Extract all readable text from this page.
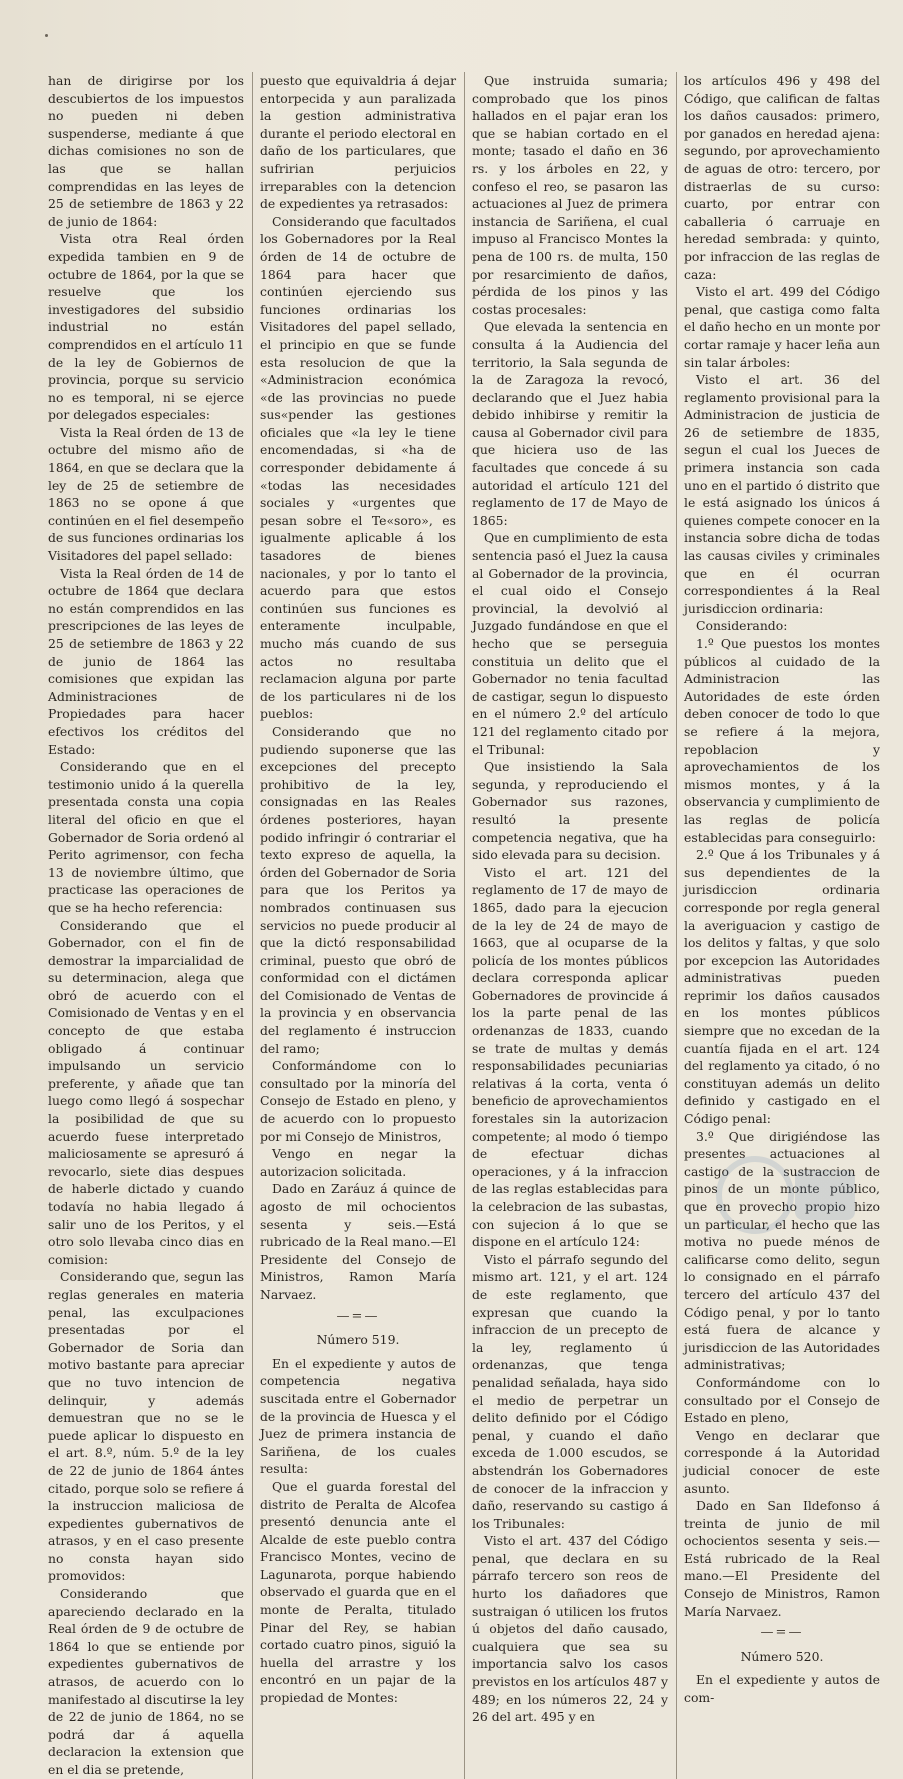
han de dirigirse por los descubiertos de los impuestos no pueden ni deben suspenderse, mediante á que dichas comisiones no son de las que se hallan comprendidas en las leyes de 25 de setiembre de 1863 y 22 de junio de 1864:

Vista otra Real órden expedida tambien en 9 de octubre de 1864, por la que se resuelve que los investigadores del subsidio industrial no están comprendidos en el artículo 11 de la ley de Gobiernos de provincia, porque su servicio no es temporal, ni se ejerce por delegados especiales:

Vista la Real órden de 13 de octubre del mismo año de 1864, en que se declara que la ley de 25 de setiembre de 1863 no se opone á que continúen en el fiel desempeño de sus funciones ordinarias los Visitadores del papel sellado:

Vista la Real órden de 14 de octubre de 1864 que declara no están comprendidos en las prescripciones de las leyes de 25 de setiembre de 1863 y 22 de junio de 1864 las comisiones que expidan las Administraciones de Propiedades para hacer efectivos los créditos del Estado:

Considerando que en el testimonio unido á la querella presentada consta una copia literal del oficio en que el Gobernador de Soria ordenó al Perito agrimensor, con fecha 13 de noviembre último, que practicase las operaciones de que se ha hecho referencia:

Considerando que el Gobernador, con el fin de demostrar la imparcialidad de su determinacion, alega que obró de acuerdo con el Comisionado de Ventas y en el concepto de que estaba obligado á continuar impulsando un servicio preferente, y añade que tan luego como llegó á sospechar la posibilidad de que su acuerdo fuese interpretado maliciosamente se apresuró á revocarlo, siete dias despues de haberle dictado y cuando todavía no habia llegado á salir uno de los Peritos, y el otro solo llevaba cinco dias en comision:

Considerando que, segun las reglas generales en materia penal, las exculpaciones presentadas por el Gobernador de Soria dan motivo bastante para apreciar que no tuvo intencion de delinquir, y además demuestran que no se le puede aplicar lo dispuesto en el art. 8.º, núm. 5.º de la ley de 22 de junio de 1864 ántes citado, porque solo se refiere á la instruccion maliciosa de expedientes gubernativos de atrasos, y en el caso presente no consta hayan sido promovidos:

Considerando que apareciendo declarado en la Real órden de 9 de octubre de 1864 lo que se entiende por expedientes gubernativos de atrasos, de acuerdo con lo manifestado al discutirse la ley de 22 de junio de 1864, no se podrá dar á aquella declaracion la extension que en el dia se pretende,

puesto que equivaldria á dejar entorpecida y aun paralizada la gestion administrativa durante el periodo electoral en daño de los particulares, que sufririan perjuicios irreparables con la detencion de expedientes ya retrasados:

Considerando que facultados los Gobernadores por la Real órden de 14 de octubre de 1864 para hacer que continúen ejerciendo sus funciones ordinarias los Visitadores del papel sellado, el principio en que se funde esta resolucion de que la «Administracion económica «de las provincias no puede sus«pender las gestiones oficiales que «la ley le tiene encomendadas, si «ha de corresponder debidamente á «todas las necesidades sociales y «urgentes que pesan sobre el Te«soro», es igualmente aplicable á los tasadores de bienes nacionales, y por lo tanto el acuerdo para que estos continúen sus funciones es enteramente inculpable, mucho más cuando de sus actos no resultaba reclamacion alguna por parte de los particulares ni de los pueblos:

Considerando que no pudiendo suponerse que las excepciones del precepto prohibitivo de la ley, consignadas en las Reales órdenes posteriores, hayan podido infringir ó contrariar el texto expreso de aquella, la órden del Gobernador de Soria para que los Peritos ya nombrados continuasen sus servicios no puede producir al que la dictó responsabilidad criminal, puesto que obró de conformidad con el dictámen del Comisionado de Ventas de la provincia y en observancia del reglamento é instruccion del ramo;

Conformándome con lo consultado por la minoría del Consejo de Estado en pleno, y de acuerdo con lo propuesto por mi Consejo de Ministros,

Vengo en negar la autorizacion solicitada.

Dado en Zaráuz á quince de agosto de mil ochocientos sesenta y seis.—Está rubricado de la Real mano.—El Presidente del Consejo de Ministros, Ramon María Narvaez.

—=—

Número 519.

En el expediente y autos de competencia negativa suscitada entre el Gobernador de la provincia de Huesca y el Juez de primera instancia de Sariñena, de los cuales resulta:

Que el guarda forestal del distrito de Peralta de Alcofea presentó denuncia ante el Alcalde de este pueblo contra Francisco Montes, vecino de Lagunarota, porque habiendo observado el guarda que en el monte de Peralta, titulado Pinar del Rey, se habian cortado cuatro pinos, siguió la huella del arrastre y los encontró en un pajar de la propiedad de Montes:

Que instruida sumaria; comprobado que los pinos hallados en el pajar eran los que se habian cortado en el monte; tasado el daño en 36 rs. y los árboles en 22, y confeso el reo, se pasaron las actuaciones al Juez de primera instancia de Sariñena, el cual impuso al Francisco Montes la pena de 100 rs. de multa, 150 por resarcimiento de daños, pérdida de los pinos y las costas procesales:

Que elevada la sentencia en consulta á la Audiencia del territorio, la Sala segunda de la de Zaragoza la revocó, declarando que el Juez habia debido inhibirse y remitir la causa al Gobernador civil para que hiciera uso de las facultades que concede á su autoridad el artículo 121 del reglamento de 17 de Mayo de 1865:

Que en cumplimiento de esta sentencia pasó el Juez la causa al Gobernador de la provincia, el cual oido el Consejo provincial, la devolvió al Juzgado fundándose en que el hecho que se perseguia constituia un delito que el Gobernador no tenia facultad de castigar, segun lo dispuesto en el número 2.º del artículo 121 del reglamento citado por el Tribunal:

Que insistiendo la Sala segunda, y reproduciendo el Gobernador sus razones, resultó la presente competencia negativa, que ha sido elevada para su decision.

Visto el art. 121 del reglamento de 17 de mayo de 1865, dado para la ejecucion de la ley de 24 de mayo de 1663, que al ocuparse de la policía de los montes públicos declara corresponda aplicar Gobernadores de provincide á los la parte penal de las ordenanzas de 1833, cuando se trate de multas y demás responsabilidades pecuniarias relativas á la corta, venta ó beneficio de aprovechamientos forestales sin la autorizacion competente; al modo ó tiempo de efectuar dichas operaciones, y á la infraccion de las reglas establecidas para la celebracion de las subastas, con sujecion á lo que se dispone en el artículo 124:

Visto el párrafo segundo del mismo art. 121, y el art. 124 de este reglamento, que expresan que cuando la infraccion de un precepto de la ley, reglamento ú ordenanzas, que tenga penalidad señalada, haya sido el medio de perpetrar un delito definido por el Código penal, y cuando el daño exceda de 1.000 escudos, se abstendrán los Gobernadores de conocer de la infraccion y daño, reservando su castigo á los Tribunales:

Visto el art. 437 del Código penal, que declara en su párrafo tercero son reos de hurto los dañadores que sustraigan ó utilicen los frutos ú objetos del daño causado, cualquiera que sea su importancia salvo los casos previstos en los artículos 487 y 489; en los números 22, 24 y 26 del art. 495 y en

los artículos 496 y 498 del Código, que califican de faltas los daños causados: primero, por ganados en heredad ajena: segundo, por aprovechamiento de aguas de otro: tercero, por distraerlas de su curso: cuarto, por entrar con caballeria ó carruaje en heredad sembrada: y quinto, por infraccion de las reglas de caza:

Visto el art. 499 del Código penal, que castiga como falta el daño hecho en un monte por cortar ramaje y hacer leña aun sin talar árboles:

Visto el art. 36 del reglamento provisional para la Administracion de justicia de 26 de setiembre de 1835, segun el cual los Jueces de primera instancia son cada uno en el partido ó distrito que le está asignado los únicos á quienes compete conocer en la instancia sobre dicha de todas las causas civiles y criminales que en él ocurran correspondientes á la Real jurisdiccion ordinaria:

Considerando:

1.º Que puestos los montes públicos al cuidado de la Administracion las Autoridades de este órden deben conocer de todo lo que se refiere á la mejora, repoblacion y aprovechamientos de los mismos montes, y á la observancia y cumplimiento de las reglas de policía establecidas para conseguirlo:

2.º Que á los Tribunales y á sus dependientes de la jurisdiccion ordinaria corresponde por regla general la averiguacion y castigo de los delitos y faltas, y que solo por excepcion las Autoridades administrativas pueden reprimir los daños causados en los montes públicos siempre que no excedan de la cuantía fijada en el art. 124 del reglamento ya citado, ó no constituyan además un delito definido y castigado en el Código penal:

3.º Que dirigiéndose las presentes actuaciones al castigo de la sustraccion de pinos de un monte público, que en provecho propio hizo un particular, el hecho que las motiva no puede ménos de calificarse como delito, segun lo consignado en el párrafo tercero del artículo 437 del Código penal, y por lo tanto está fuera de alcance y jurisdiccion de las Autoridades administrativas;

Conformándome con lo consultado por el Consejo de Estado en pleno,

Vengo en declarar que corresponde á la Autoridad judicial conocer de este asunto.

Dado en San Ildefonso á treinta de junio de mil ochocientos sesenta y seis.—Está rubricado de la Real mano.—El Presidente del Consejo de Ministros, Ramon María Narvaez.

—=—

Número 520.

En el expediente y autos de com-
